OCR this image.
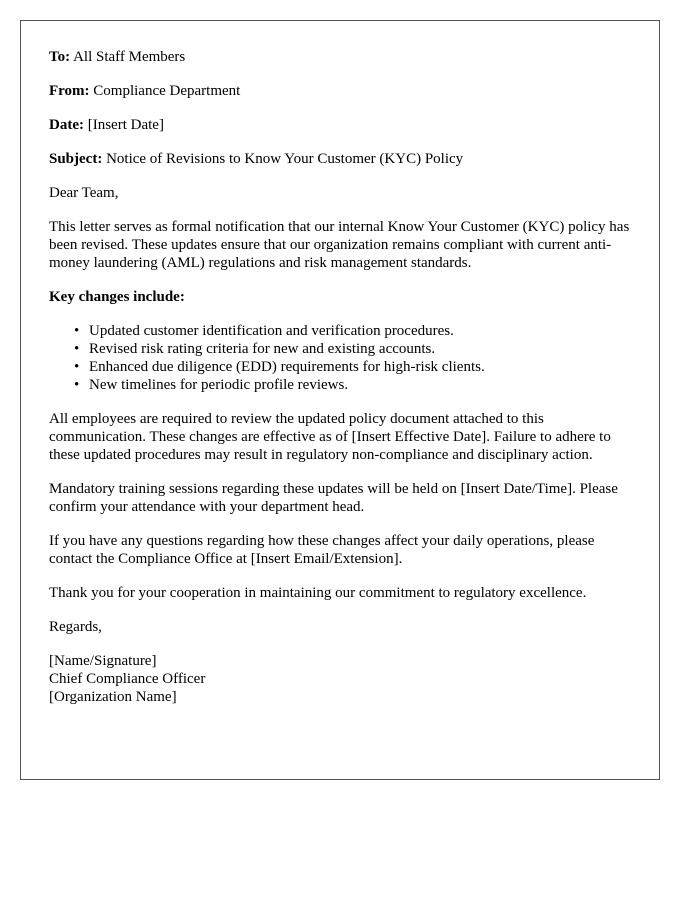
To: All Staff Members

From: Compliance Department

Date: [Insert Date]

Subject: Notice of Revisions to Know Your Customer (KYC) Policy

Dear Team,

This letter serves as formal notification that our internal Know Your Customer (KYC) policy has been revised. These updates ensure that our organization remains compliant with current anti-money laundering (AML) regulations and risk management standards.

Key changes include:

• Updated customer identification and verification procedures.
• Revised risk rating criteria for new and existing accounts.
• Enhanced due diligence (EDD) requirements for high-risk clients.
• New timelines for periodic profile reviews.

All employees are required to review the updated policy document attached to this communication. These changes are effective as of [Insert Effective Date]. Failure to adhere to these updated procedures may result in regulatory non-compliance and disciplinary action.

Mandatory training sessions regarding these updates will be held on [Insert Date/Time]. Please confirm your attendance with your department head.

If you have any questions regarding how these changes affect your daily operations, please contact the Compliance Office at [Insert Email/Extension].

Thank you for your cooperation in maintaining our commitment to regulatory excellence.

Regards,

[Name/Signature]
Chief Compliance Officer
[Organization Name]
